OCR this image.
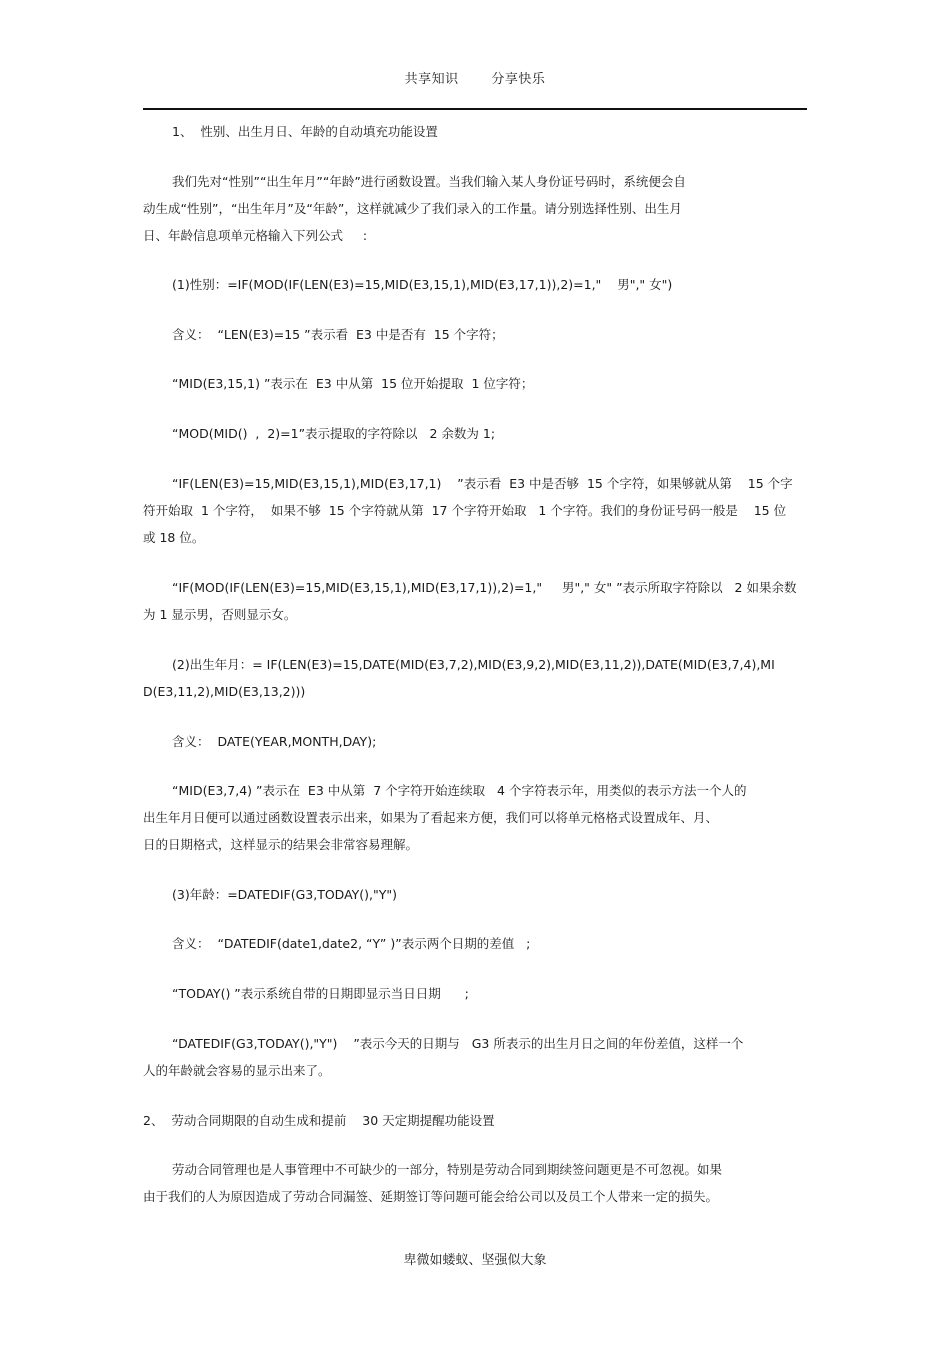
共享知识	分享快乐
1、  性别、出生月日、年龄的自动填充功能设置
我们先对“性别”“出生年月”“年龄”进行函数设置。当我们输入某人身份证号码时，系统便会自
动生成“性别”，“出生年月”及“年龄”，这样就减少了我们录入的工作量。请分别选择性别、出生月
日、年龄信息项单元格输入下列公式     :
(1)性别：=IF(MOD(IF(LEN(E3)=15,MID(E3,15,1),MID(E3,17,1)),2)=1,"    男"," 女")
含义：  “LEN(E3)=15 ”表示看  E3 中是否有  15 个字符；
“MID(E3,15,1) ”表示在  E3 中从第  15 位开始提取  1 位字符；
“MOD(MID()  ,  2)=1”表示提取的字符除以   2 余数为 1;
“IF(LEN(E3)=15,MID(E3,15,1),MID(E3,17,1)    ”表示看  E3 中是否够  15 个字符，如果够就从第    15 个字
符开始取  1 个字符，  如果不够  15 个字符就从第  17 个字符开始取   1 个字符。我们的身份证号码一般是    15 位
或 18 位。
“IF(MOD(IF(LEN(E3)=15,MID(E3,15,1),MID(E3,17,1)),2)=1,"     男"," 女" ”表示所取字符除以   2 如果余数
为 1 显示男，否则显示女。
(2)出生年月：= IF(LEN(E3)=15,DATE(MID(E3,7,2),MID(E3,9,2),MID(E3,11,2)),DATE(MID(E3,7,4),MI
D(E3,11,2),MID(E3,13,2)))
含义：  DATE(YEAR,MONTH,DAY);
“MID(E3,7,4) ”表示在  E3 中从第  7 个字符开始连续取   4 个字符表示年，用类似的表示方法一个人的
出生年月日便可以通过函数设置表示出来，如果为了看起来方便，我们可以将单元格格式设置成年、月、
日的日期格式，这样显示的结果会非常容易理解。
(3)年龄：=DATEDIF(G3,TODAY(),"Y")
含义：  “DATEDIF(date1,date2, “Y” )”表示两个日期的差值   ;
“TODAY() ”表示系统自带的日期即显示当日日期      ;
“DATEDIF(G3,TODAY(),"Y")    ”表示今天的日期与   G3 所表示的出生月日之间的年份差值，这样一个
人的年龄就会容易的显示出来了。
2、  劳动合同期限的自动生成和提前    30 天定期提醒功能设置
劳动合同管理也是人事管理中不可缺少的一部分，特别是劳动合同到期续签问题更是不可忽视。如果
由于我们的人为原因造成了劳动合同漏签、延期签订等问题可能会给公司以及员工个人带来一定的损失。
卑微如蝼蚁、坚强似大象
